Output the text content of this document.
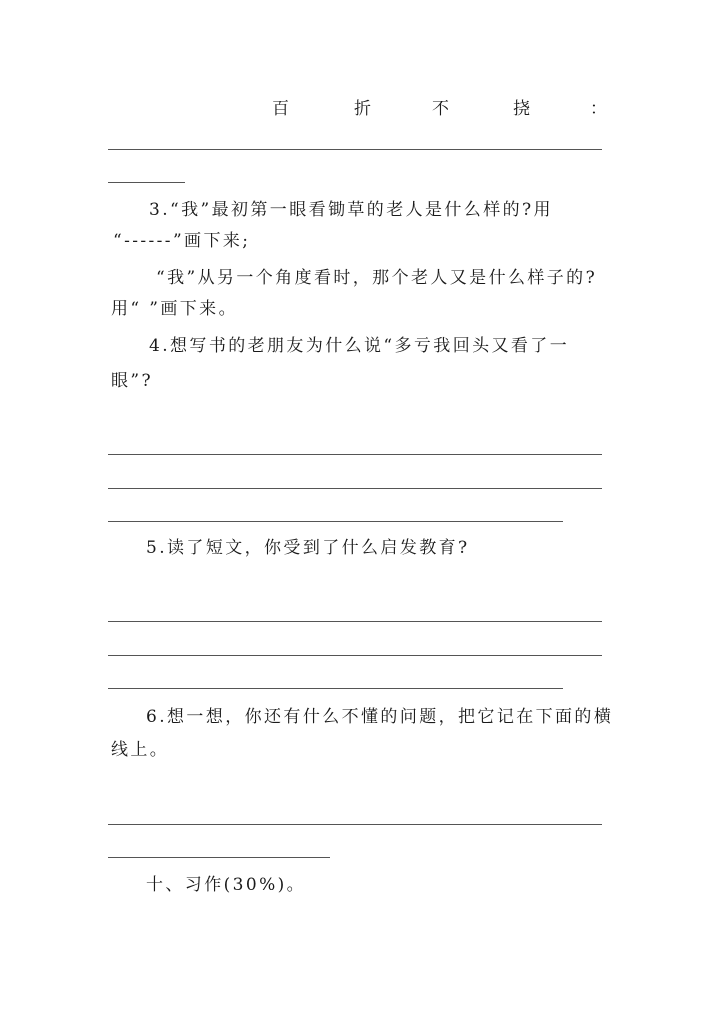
百	折	不	挠	：
3.“我”最初第一眼看锄草的老人是什么样的?用
“------”画下来;
“我”从另一个角度看时，那个老人又是什么样子的?
用“ ”画下来。
4.想写书的老朋友为什么说“多亏我回头又看了一
眼”?
5.读了短文，你受到了什么启发教育?
6.想一想，你还有什么不懂的问题，把它记在下面的横
线上。
十、习作(30%)。
